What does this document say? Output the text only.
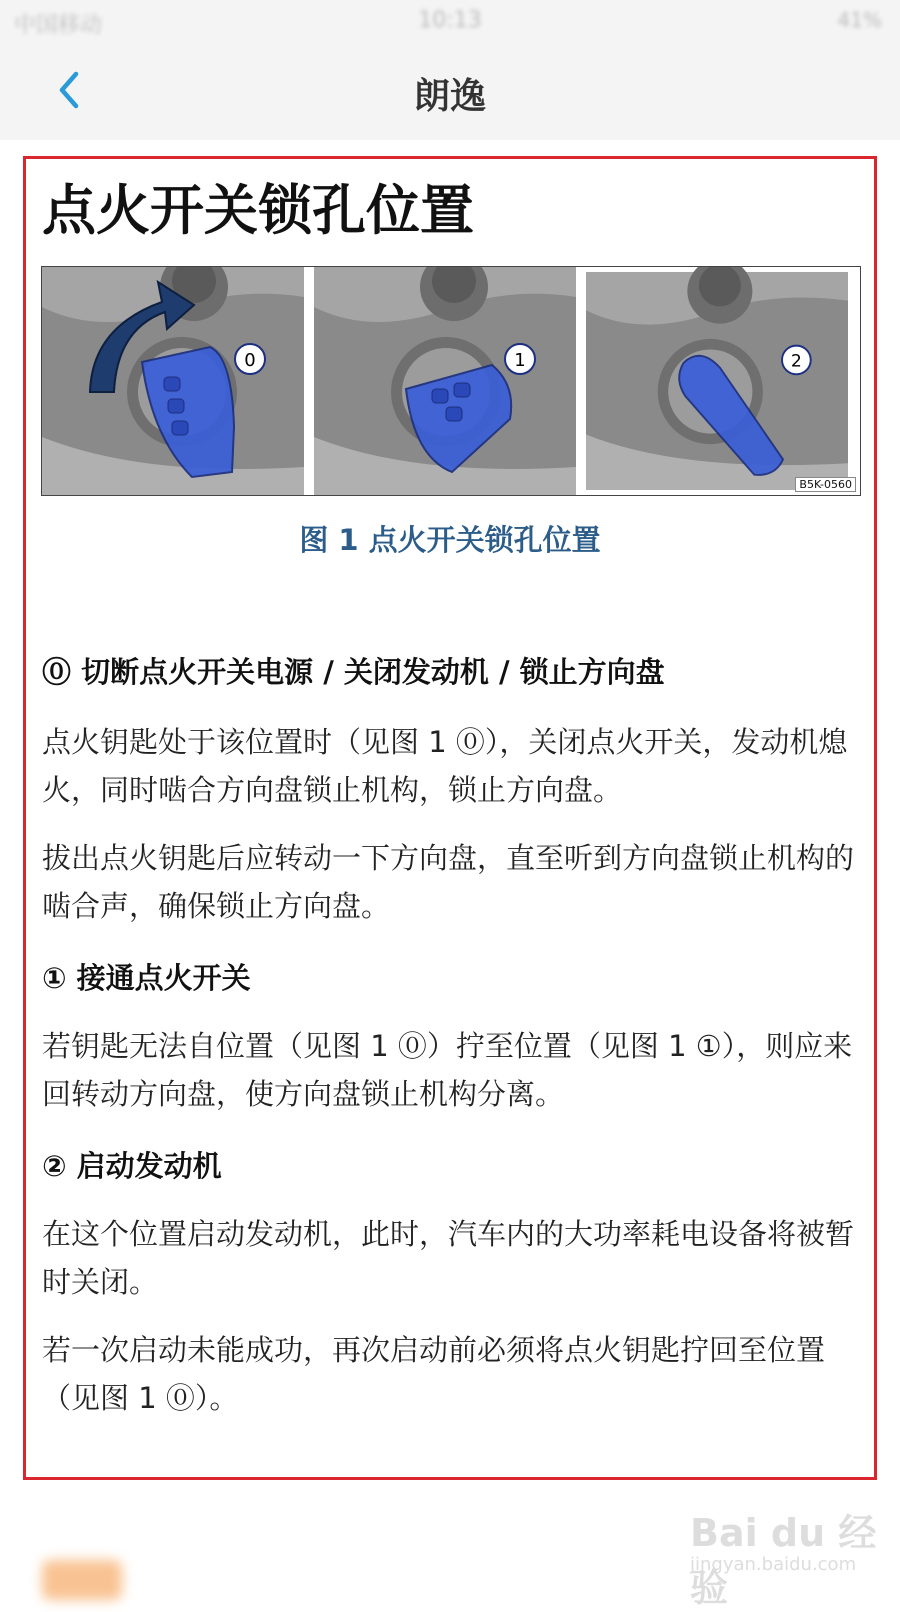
中国移动	10:13	41%
朗逸
点火开关锁孔位置
0	1	2
B5K-0560
图 1 点火开关锁孔位置
⓪ 切断点火开关电源 / 关闭发动机 / 锁止方向盘
点火钥匙处于该位置时（见图 1 ⓪），关闭点火开关，发动机熄火，同时啮合方向盘锁止机构，锁止方向盘。
拔出点火钥匙后应转动一下方向盘，直至听到方向盘锁止机构的啮合声，确保锁止方向盘。
① 接通点火开关
若钥匙无法自位置（见图 1 ⓪）拧至位置（见图 1 ①），则应来回转动方向盘，使方向盘锁止机构分离。
② 启动发动机
在这个位置启动发动机，此时，汽车内的大功率耗电设备将被暂时关闭。
若一次启动未能成功，再次启动前必须将点火钥匙拧回至位置（见图 1 ⓪）。
Bai du 经验
jingyan.baidu.com
